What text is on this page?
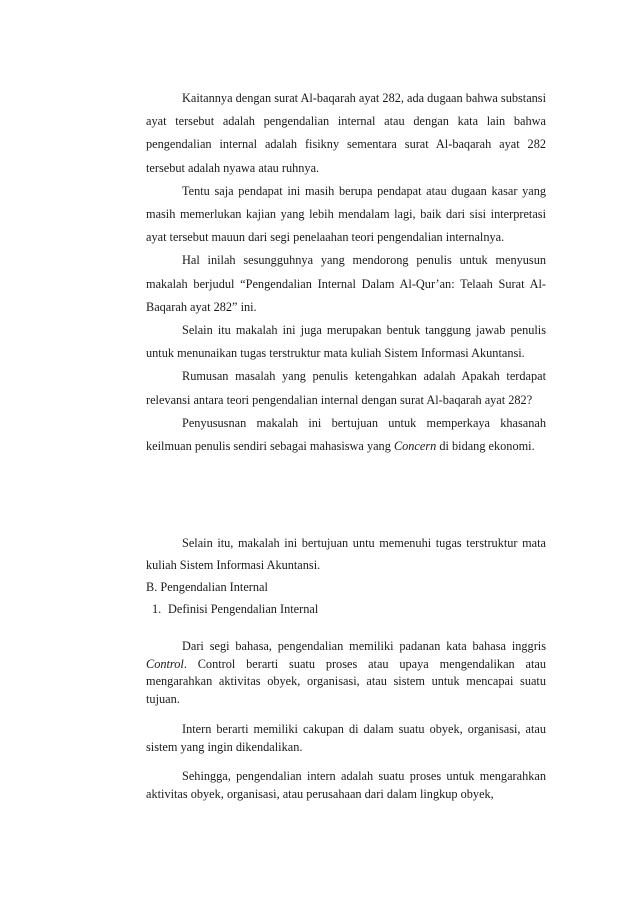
Kaitannya dengan surat Al-baqarah ayat 282, ada dugaan bahwa substansi ayat tersebut adalah pengendalian internal atau dengan kata lain bahwa pengendalian internal adalah fisikny sementara surat Al-baqarah ayat 282 tersebut adalah nyawa atau ruhnya.

Tentu saja pendapat ini masih berupa pendapat atau dugaan kasar yang masih memerlukan kajian yang lebih mendalam lagi, baik dari sisi interpretasi ayat tersebut mauun dari segi penelaahan teori pengendalian internalnya.

Hal inilah sesungguhnya yang mendorong penulis untuk menyusun makalah berjudul “Pengendalian Internal Dalam Al-Qur’an: Telaah Surat Al-Baqarah ayat 282” ini.

Selain itu makalah ini juga merupakan bentuk tanggung jawab penulis untuk menunaikan tugas terstruktur mata kuliah Sistem Informasi Akuntansi.

Rumusan masalah yang penulis ketengahkan adalah Apakah terdapat relevansi antara teori pengendalian internal dengan surat Al-baqarah ayat 282?

Penyususnan makalah ini bertujuan untuk memperkaya khasanah keilmuan penulis sendiri sebagai mahasiswa yang Concern di bidang ekonomi.

Selain itu, makalah ini bertujuan untu memenuhi tugas terstruktur mata kuliah Sistem Informasi Akuntansi.

B. Pengendalian Internal

1. Definisi Pengendalian Internal

Dari segi bahasa, pengendalian memiliki padanan kata bahasa inggris Control. Control berarti suatu proses atau upaya mengendalikan atau mengarahkan aktivitas obyek, organisasi, atau sistem untuk mencapai suatu tujuan.

Intern berarti memiliki cakupan di dalam suatu obyek, organisasi, atau sistem yang ingin dikendalikan.

Sehingga, pengendalian intern adalah suatu proses untuk mengarahkan aktivitas obyek, organisasi, atau perusahaan dari dalam lingkup obyek,
